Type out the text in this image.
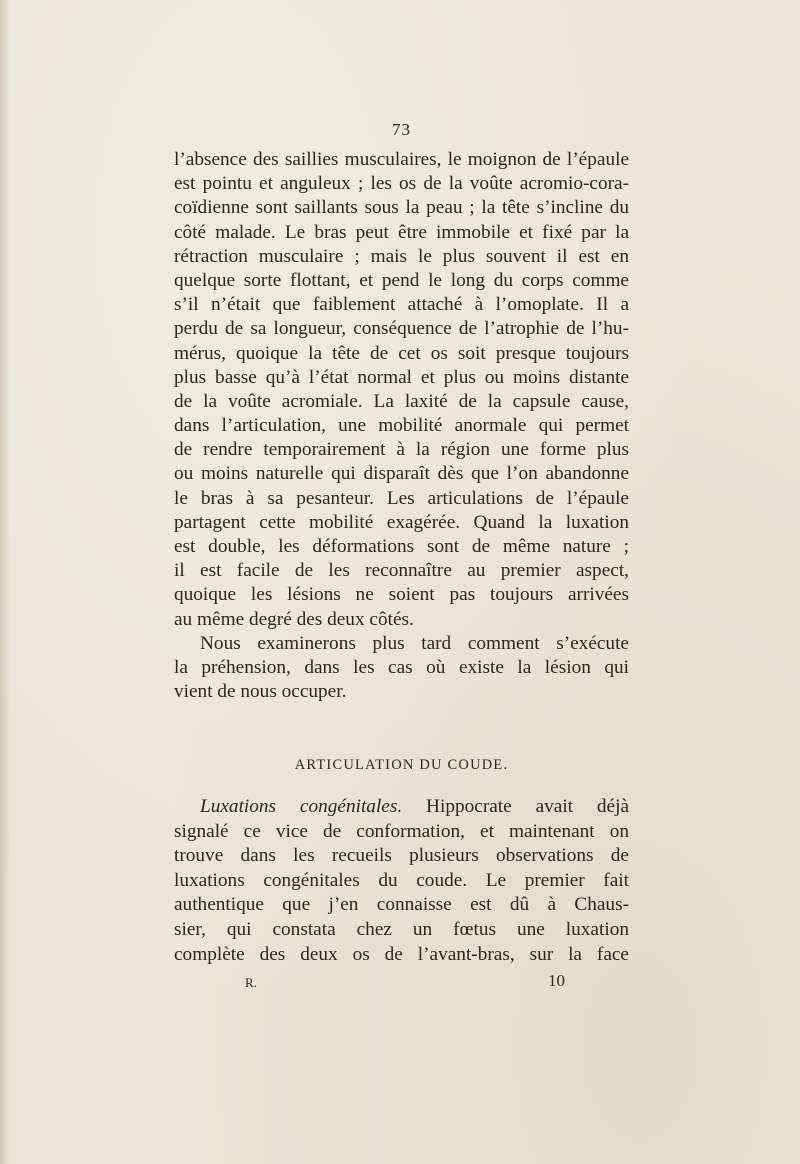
73
l’absence des saillies musculaires, le moignon de l’épaule
est pointu et anguleux ; les os de la voûte acromio-cora-
coïdienne sont saillants sous la peau ; la tête s’incline du
côté malade. Le bras peut être immobile et fixé par la
rétraction musculaire ; mais le plus souvent il est en
quelque sorte flottant, et pend le long du corps comme
s’il n’était que faiblement attaché à l’omoplate. Il a
perdu de sa longueur, conséquence de l’atrophie de l’hu-
mérus, quoique la tête de cet os soit presque toujours
plus basse qu’à l’état normal et plus ou moins distante
de la voûte acromiale. La laxité de la capsule cause,
dans l’articulation, une mobilité anormale qui permet
de rendre temporairement à la région une forme plus
ou moins naturelle qui disparaît dès que l’on abandonne
le bras à sa pesanteur. Les articulations de l’épaule
partagent cette mobilité exagérée. Quand la luxation
est double, les déformations sont de même nature ;
il est facile de les reconnaître au premier aspect,
quoique les lésions ne soient pas toujours arrivées
au même degré des deux côtés.
Nous examinerons plus tard comment s’exécute
la préhension, dans les cas où existe la lésion qui
vient de nous occuper.
ARTICULATION DU COUDE.
Luxations congénitales. Hippocrate avait déjà
signalé ce vice de conformation, et maintenant on
trouve dans les recueils plusieurs observations de
luxations congénitales du coude. Le premier fait
authentique que j’en connaisse est dû à Chaus-
sier, qui constata chez un fœtus une luxation
complète des deux os de l’avant-bras, sur la face
R.	10
